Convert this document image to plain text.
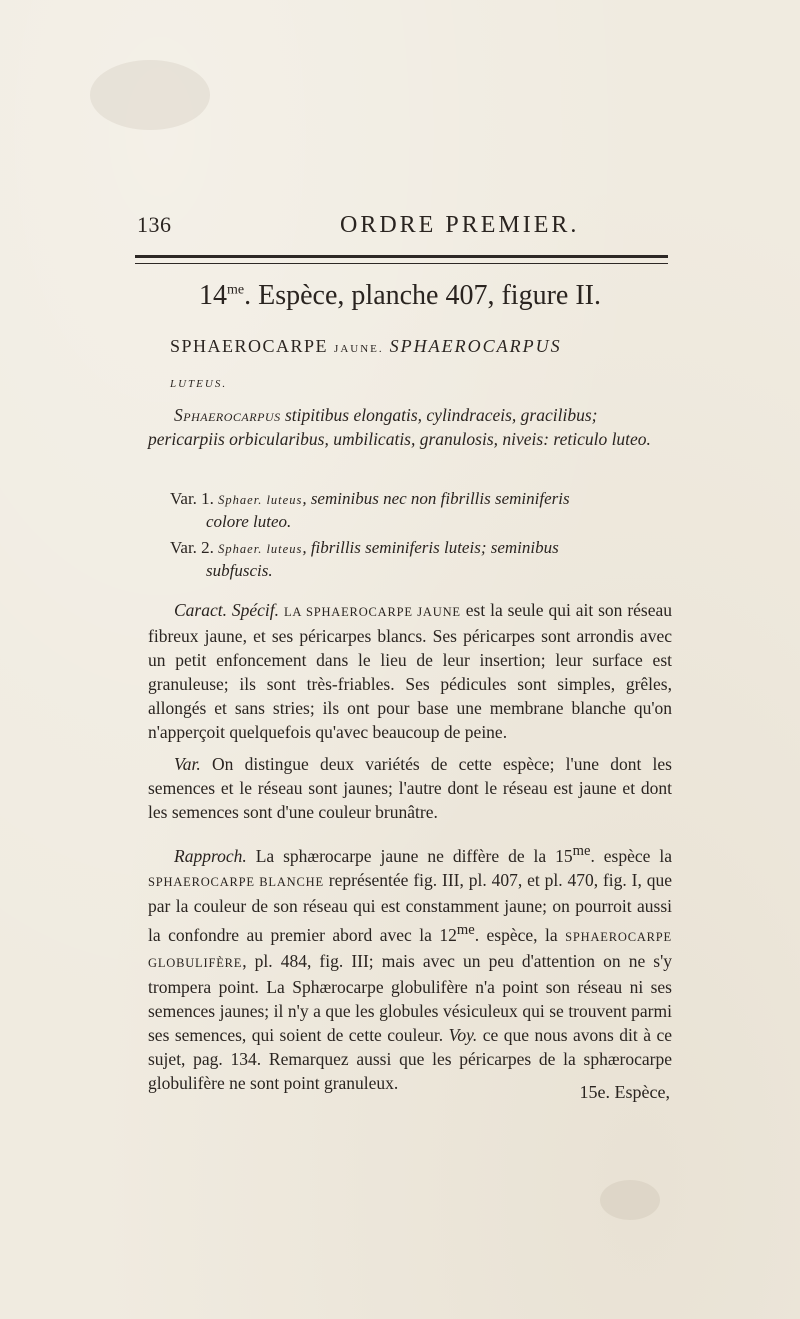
136	ORDRE PREMIER.
$14^{me}$. Espèce, planche 407, figure II.
SPHAEROCARPE JAUNE. SPHAEROCARPUS
LUTEUS.
Sphaerocarpus stipitibus elongatis, cylindraceis, gracilibus; pericarpiis orbicularibus, umbilicatis, granulosis, niveis: reticulo luteo.
Var. 1. Sphaer. luteus, seminibus nec non fibrillis seminiferis
colore luteo.
Var. 2. Sphaer. luteus, fibrillis seminiferis luteis; seminibus
subfuscis.
Caract. Spécif. LA SPHAEROCARPE JAUNE est la seule qui ait son réseau fibreux jaune, et ses péricarpes blancs. Ses péricarpes sont arrondis avec un petit enfoncement dans le lieu de leur insertion; leur surface est granuleuse; ils sont très-friables. Ses pédicules sont simples, grêles, allongés et sans stries; ils ont pour base une membrane blanche qu'on n'apperçoit quelquefois qu'avec beaucoup de peine.
Var. On distingue deux variétés de cette espèce; l'une dont les semences et le réseau sont jaunes; l'autre dont le réseau est jaune et dont les semences sont d'une couleur brunâtre.
Rapproch. La sphærocarpe jaune ne diffère de la $15^{me}$. espèce la SPHAEROCARPE BLANCHE représentée fig. III, pl. 407, et pl. 470, fig. I, que par la couleur de son réseau qui est constamment jaune; on pourroit aussi la confondre au premier abord avec la $12^{me}$. espèce, la SPHAEROCARPE GLOBULIFÈRE, pl. 484, fig. III; mais avec un peu d'attention on ne s'y trompera point. La Sphærocarpe globulifère n'a point son réseau ni ses semences jaunes; il n'y a que les globules vésiculeux qui se trouvent parmi ses semences, qui soient de cette couleur. Voy. ce que nous avons dit à ce sujet, pag. 134. Remarquez aussi que les péricarpes de la sphærocarpe globulifère ne sont point granuleux.	15e. Espèce,
